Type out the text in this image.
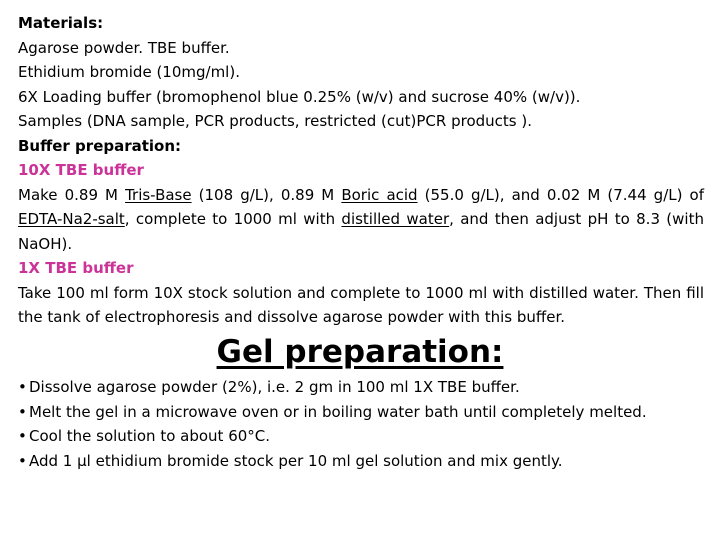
Materials:
Agarose powder. TBE buffer.
Ethidium bromide (10mg/ml).
6X Loading buffer (bromophenol blue 0.25% (w/v) and sucrose 40% (w/v)).
Samples (DNA sample, PCR products, restricted (cut)PCR products ).
Buffer preparation:
10X TBE buffer
Make 0.89 M Tris-Base (108 g/L), 0.89 M Boric acid (55.0 g/L), and 0.02 M (7.44 g/L) of EDTA-Na2-salt, complete to 1000 ml with distilled water, and then adjust pH to 8.3 (with NaOH).
1X TBE buffer
Take 100 ml form 10X stock solution and complete to 1000 ml with distilled water. Then fill the tank of electrophoresis and dissolve agarose powder with this buffer.
Gel preparation:
• Dissolve agarose powder (2%), i.e. 2 gm in 100 ml 1X TBE buffer.
• Melt the gel in a microwave oven or in boiling water bath until completely melted.
• Cool the solution to about 60°C.
• Add 1 µl ethidium bromide stock per 10 ml gel solution and mix gently.
